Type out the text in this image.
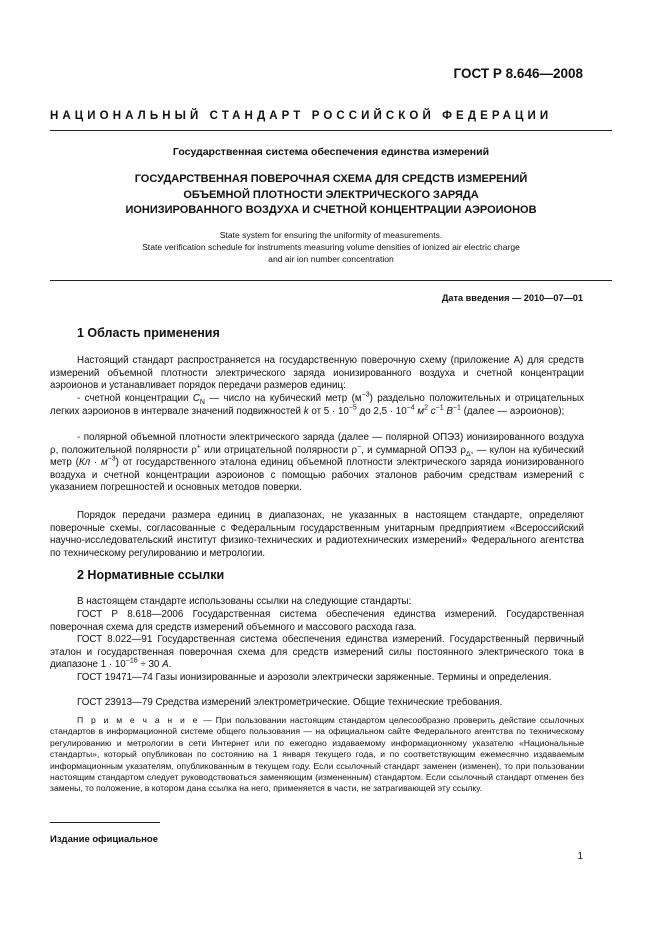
ГОСТ Р 8.646—2008
НАЦИОНАЛЬНЫЙ СТАНДАРТ РОССИЙСКОЙ ФЕДЕРАЦИИ
Государственная система обеспечения единства измерений
ГОСУДАРСТВЕННАЯ ПОВЕРОЧНАЯ СХЕМА ДЛЯ СРЕДСТВ ИЗМЕРЕНИЙ
ОБЪЕМНОЙ ПЛОТНОСТИ ЭЛЕКТРИЧЕСКОГО ЗАРЯДА
ИОНИЗИРОВАННОГО ВОЗДУХА И СЧЕТНОЙ КОНЦЕНТРАЦИИ АЭРОИОНОВ
State system for ensuring the uniformity of measurements.
State verification schedule for instruments measuring volume densities of ionized air electric charge
and air ion number concentration
Дата введения — 2010—07—01
1 Область применения

Настоящий стандарт распространяется на государственную поверочную схему (приложение А) для средств измерений объемной плотности электрического заряда ионизированного воздуха и счетной концентрации аэроионов и устанавливает порядок передачи размеров единиц:

- счетной концентрации $C_N$ — число на кубический метр $(м^{-3})$ раздельно положительных и отрицательных легких аэроионов в интервале значений подвижностей k от $5 \cdot 10^{-5}$ до $2,5 \cdot 10^{-4}$ $м^2$ $с^{-1}$ $В^{-1}$ (далее — аэроионов);

- полярной объемной плотности электрического заряда (далее — полярной ОПЭЗ) ионизированного воздуха ρ, положительной полярности ρ+ или отрицательной полярности ρ−, и суммарной ОПЭЗ $\rho_\Delta$, — кулон на кубический метр $(Кл \cdot м^{-3})$ от государственного эталона единиц объемной плотности электрического заряда ионизированного воздуха и счетной концентрации аэроионов с помощью рабочих эталонов рабочим средствам измерений с указанием погрешностей и основных методов поверки.

Порядок передачи размера единиц в диапазонах, не указанных в настоящем стандарте, определяют поверочные схемы, согласованные с Федеральным государственным унитарным предприятием «Всероссийский научно-исследовательский институт физико-технических и радиотехнических измерений» Федерального агентства по техническому регулированию и метрологии.

2 Нормативные ссылки

В настоящем стандарте использованы ссылки на следующие стандарты:

ГОСТ Р 8.618—2006 Государственная система обеспечения единства измерений. Государственная поверочная схема для средств измерений объемного и массового расхода газа.

ГОСТ 8.022—91 Государственная система обеспечения единства измерений. Государственный первичный эталон и государственная поверочная схема для средств измерений силы постоянного электрического тока в диапазоне $1 \cdot 10^{-16} \div 30$ А.

ГОСТ 19471—74 Газы ионизированные и аэрозоли электрически заряженные. Термины и определения.

ГОСТ 23913—79 Средства измерений электрометрические. Общие технические требования.

П р и м е ч а н и е — При пользовании настоящим стандартом целесообразно проверить действие ссылочных стандартов в информационной системе общего пользования — на официальном сайте Федерального агентства по техническому регулированию и метрологии в сети Интернет или по ежегодно издаваемому информационному указателю «Национальные стандарты», который опубликован по состоянию на 1 января текущего года, и по соответствующим ежемесячно издаваемым информационным указателям, опубликованным в текущем году. Если ссылочный стандарт заменен (изменен), то при пользовании настоящим стандартом следует руководствоваться заменяющим (измененным) стандартом. Если ссылочный стандарт отменен без замены, то положение, в котором дана ссылка на него, применяется в части, не затрагивающей эту ссылку.

Издание официальное
1
